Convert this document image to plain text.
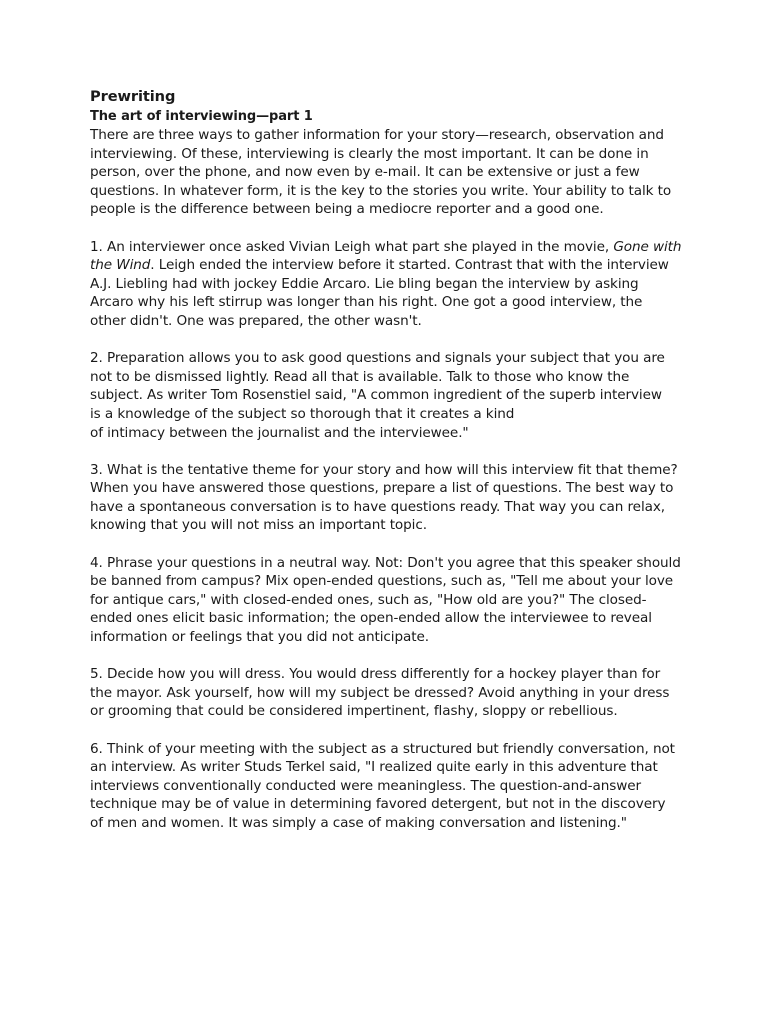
Prewriting
The art of interviewing—part 1

There are three ways to gather information for your story—research, observation and interviewing. Of these, interviewing is clearly the most important. It can be done in person, over the phone, and now even by e-mail. It can be extensive or just a few questions. In whatever form, it is the key to the stories you write. Your ability to talk to people is the difference between being a mediocre reporter and a good one.

1. An interviewer once asked Vivian Leigh what part she played in the movie, Gone with the Wind. Leigh ended the interview before it started. Contrast that with the interview A.J. Liebling had with jockey Eddie Arcaro. Lie bling began the interview by asking Arcaro why his left stirrup was longer than his right. One got a good interview, the other didn't. One was prepared, the other wasn't.

2. Preparation allows you to ask good questions and signals your subject that you are not to be dismissed lightly. Read all that is available. Talk to those who know the subject. As writer Tom Rosenstiel said, "A common ingredient of the superb interview
is a knowledge of the subject so thorough that it creates a kind
of intimacy between the journalist and the interviewee."

3. What is the tentative theme for your story and how will this interview fit that theme? When you have answered those questions, prepare a list of questions. The best way to have a spontaneous conversation is to have questions ready. That way you can relax, knowing that you will not miss an important topic.

4. Phrase your questions in a neutral way. Not: Don't you agree that this speaker should be banned from campus? Mix open-ended questions, such as, "Tell me about your love for antique cars," with closed-ended ones, such as, "How old are you?" The closed-ended ones elicit basic information; the open-ended allow the interviewee to reveal information or feelings that you did not anticipate.

5. Decide how you will dress. You would dress differently for a hockey player than for the mayor. Ask yourself, how will my subject be dressed? Avoid anything in your dress or grooming that could be considered impertinent, flashy, sloppy or rebellious.

6. Think of your meeting with the subject as a structured but friendly conversation, not an interview. As writer Studs Terkel said, "I realized quite early in this adventure that interviews conventionally conducted were meaningless. The question-and-answer technique may be of value in determining favored detergent, but not in the discovery of men and women. It was simply a case of making conversation and listening."
